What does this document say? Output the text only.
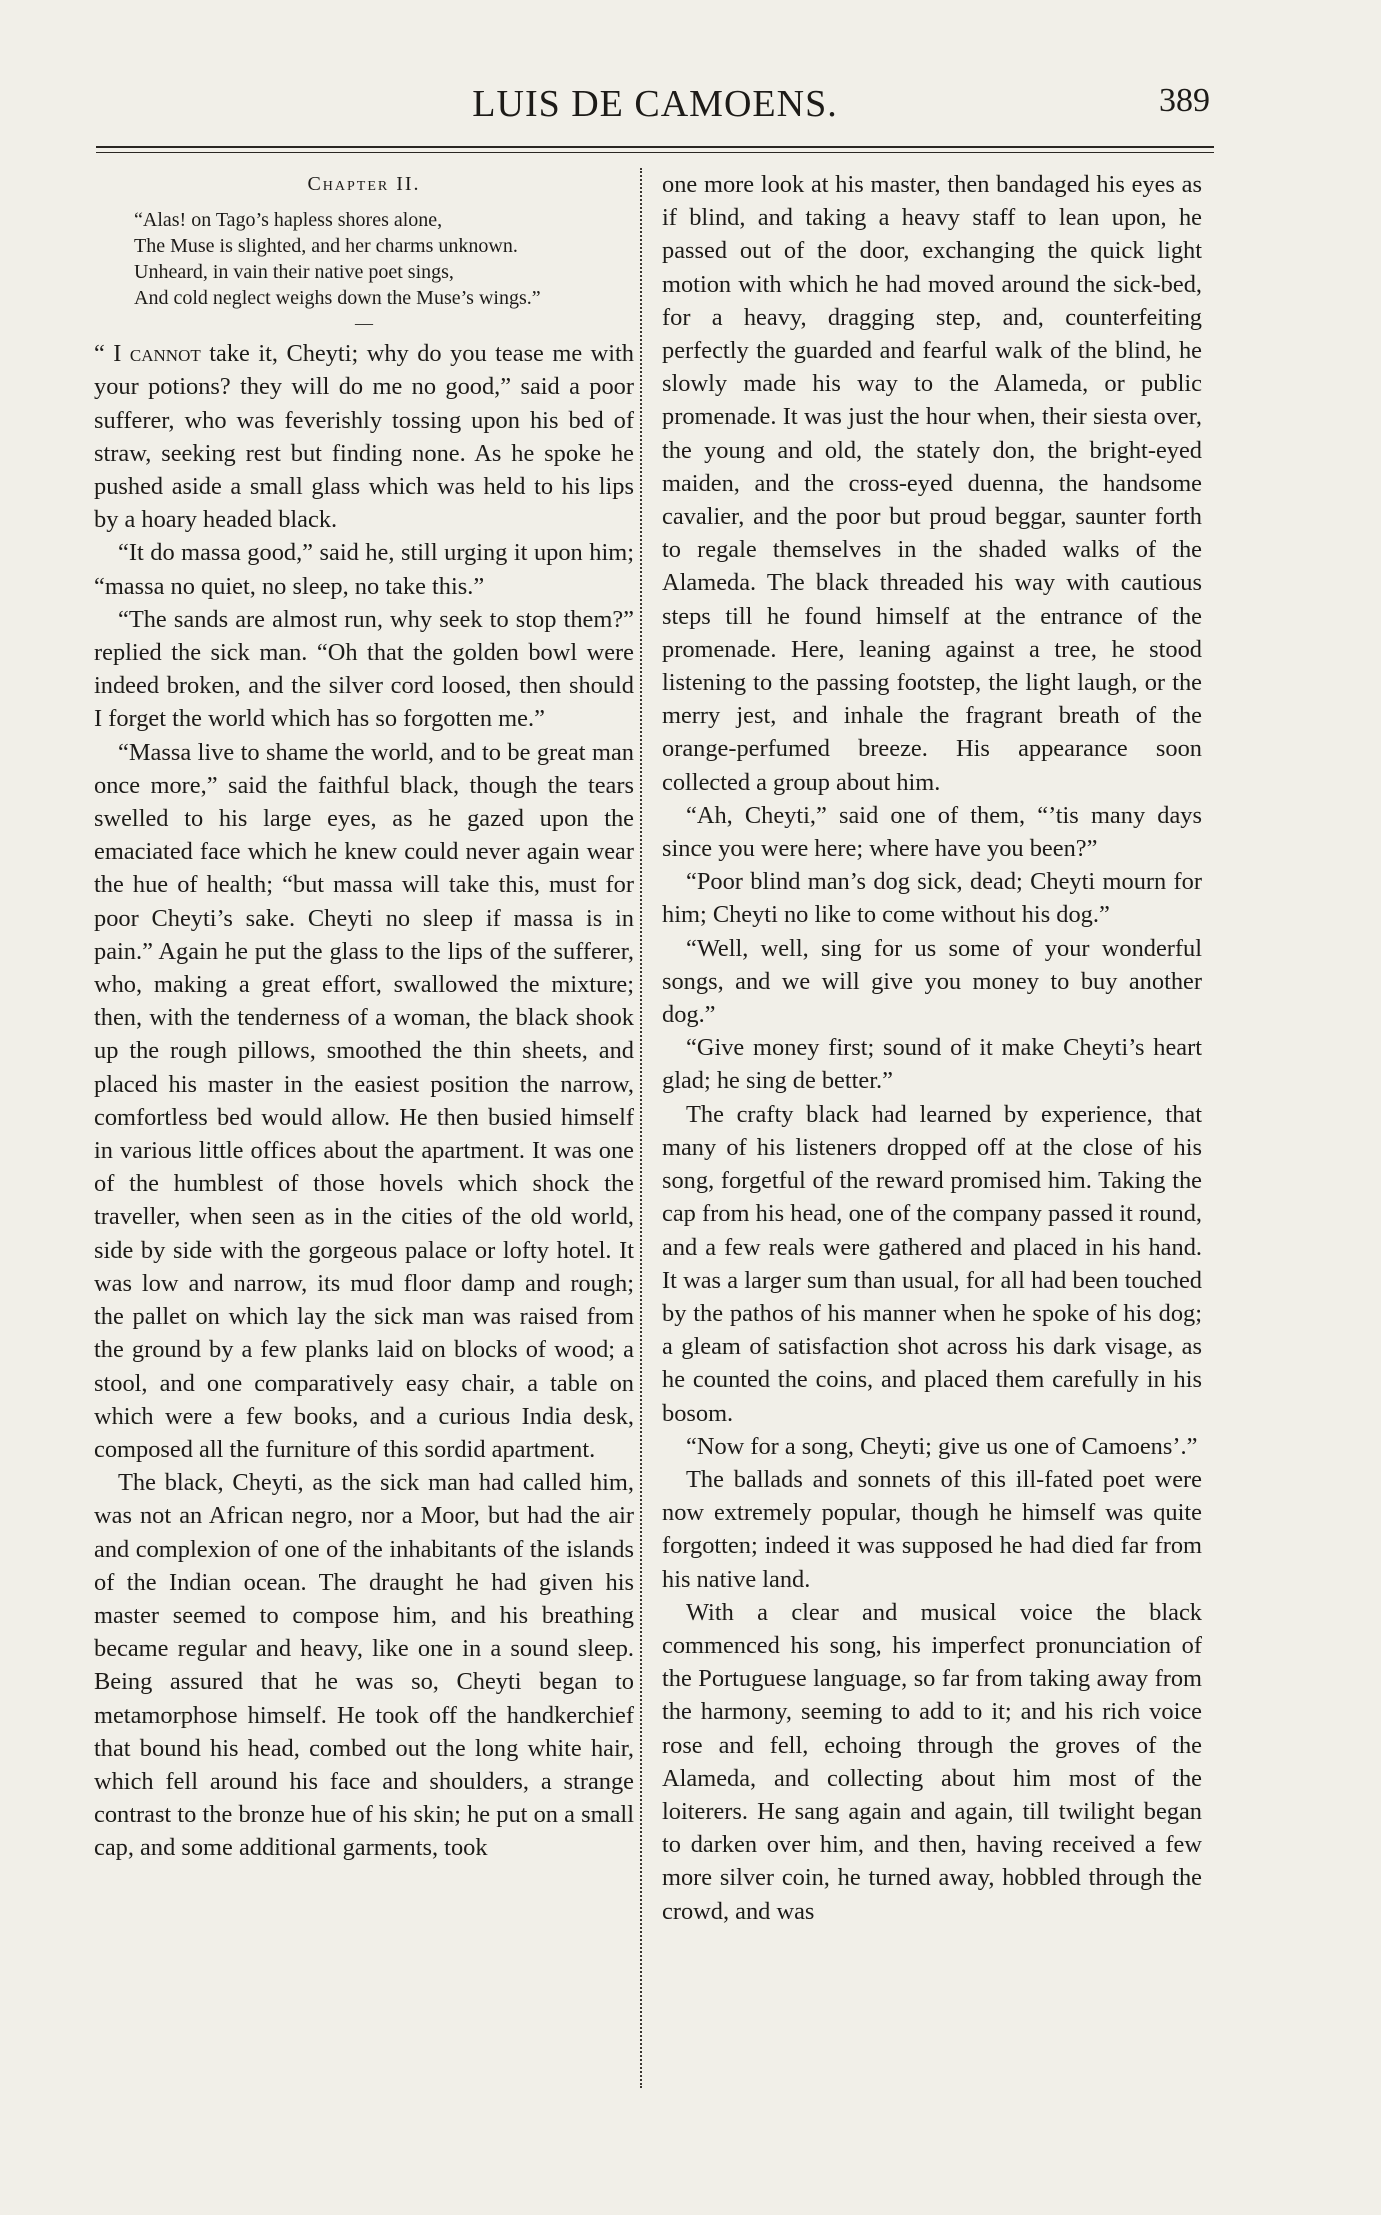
LUIS DE CAMOENS.	389
Chapter II.
“Alas! on Tago’s hapless shores alone,
The Muse is slighted, and her charms unknown.
Unheard, in vain their native poet sings,
And cold neglect weighs down the Muse’s wings.”
—

“ I cannot take it, Cheyti; why do you tease me with your potions? they will do me no good,” said a poor sufferer, who was feverishly tossing upon his bed of straw, seeking rest but finding none. As he spoke he pushed aside a small glass which was held to his lips by a hoary headed black.

“It do massa good,” said he, still urging it upon him; “massa no quiet, no sleep, no take this.”

“The sands are almost run, why seek to stop them?” replied the sick man. “Oh that the golden bowl were indeed broken, and the silver cord loosed, then should I forget the world which has so forgotten me.”

“Massa live to shame the world, and to be great man once more,” said the faithful black, though the tears swelled to his large eyes, as he gazed upon the emaciated face which he knew could never again wear the hue of health; “but massa will take this, must for poor Cheyti’s sake. Cheyti no sleep if massa is in pain.” Again he put the glass to the lips of the sufferer, who, making a great effort, swallowed the mixture; then, with the tenderness of a woman, the black shook up the rough pillows, smoothed the thin sheets, and placed his master in the easiest position the narrow, comfortless bed would allow. He then busied himself in various little offices about the apartment. It was one of the humblest of those hovels which shock the traveller, when seen as in the cities of the old world, side by side with the gorgeous palace or lofty hotel. It was low and narrow, its mud floor damp and rough; the pallet on which lay the sick man was raised from the ground by a few planks laid on blocks of wood; a stool, and one comparatively easy chair, a table on which were a few books, and a curious India desk, composed all the furniture of this sordid apartment.

The black, Cheyti, as the sick man had called him, was not an African negro, nor a Moor, but had the air and complexion of one of the inhabitants of the islands of the Indian ocean. The draught he had given his master seemed to compose him, and his breathing became regular and heavy, like one in a sound sleep. Being assured that he was so, Cheyti began to metamorphose himself. He took off the handkerchief that bound his head, combed out the long white hair, which fell around his face and shoulders, a strange contrast to the bronze hue of his skin; he put on a small cap, and some additional garments, took

one more look at his master, then bandaged his eyes as if blind, and taking a heavy staff to lean upon, he passed out of the door, exchanging the quick light motion with which he had moved around the sick-bed, for a heavy, dragging step, and, counterfeiting perfectly the guarded and fearful walk of the blind, he slowly made his way to the Alameda, or public promenade. It was just the hour when, their siesta over, the young and old, the stately don, the bright-eyed maiden, and the cross-eyed duenna, the handsome cavalier, and the poor but proud beggar, saunter forth to regale themselves in the shaded walks of the Alameda. The black threaded his way with cautious steps till he found himself at the entrance of the promenade. Here, leaning against a tree, he stood listening to the passing footstep, the light laugh, or the merry jest, and inhale the fragrant breath of the orange-perfumed breeze. His appearance soon collected a group about him.

“Ah, Cheyti,” said one of them, “’tis many days since you were here; where have you been?”

“Poor blind man’s dog sick, dead; Cheyti mourn for him; Cheyti no like to come without his dog.”

“Well, well, sing for us some of your wonderful songs, and we will give you money to buy another dog.”

“Give money first; sound of it make Cheyti’s heart glad; he sing de better.”

The crafty black had learned by experience, that many of his listeners dropped off at the close of his song, forgetful of the reward promised him. Taking the cap from his head, one of the company passed it round, and a few reals were gathered and placed in his hand. It was a larger sum than usual, for all had been touched by the pathos of his manner when he spoke of his dog; a gleam of satisfaction shot across his dark visage, as he counted the coins, and placed them carefully in his bosom.

“Now for a song, Cheyti; give us one of Camoens’.”

The ballads and sonnets of this ill-fated poet were now extremely popular, though he himself was quite forgotten; indeed it was supposed he had died far from his native land.

With a clear and musical voice the black commenced his song, his imperfect pronunciation of the Portuguese language, so far from taking away from the harmony, seeming to add to it; and his rich voice rose and fell, echoing through the groves of the Alameda, and collecting about him most of the loiterers. He sang again and again, till twilight began to darken over him, and then, having received a few more silver coin, he turned away, hobbled through the crowd, and was
